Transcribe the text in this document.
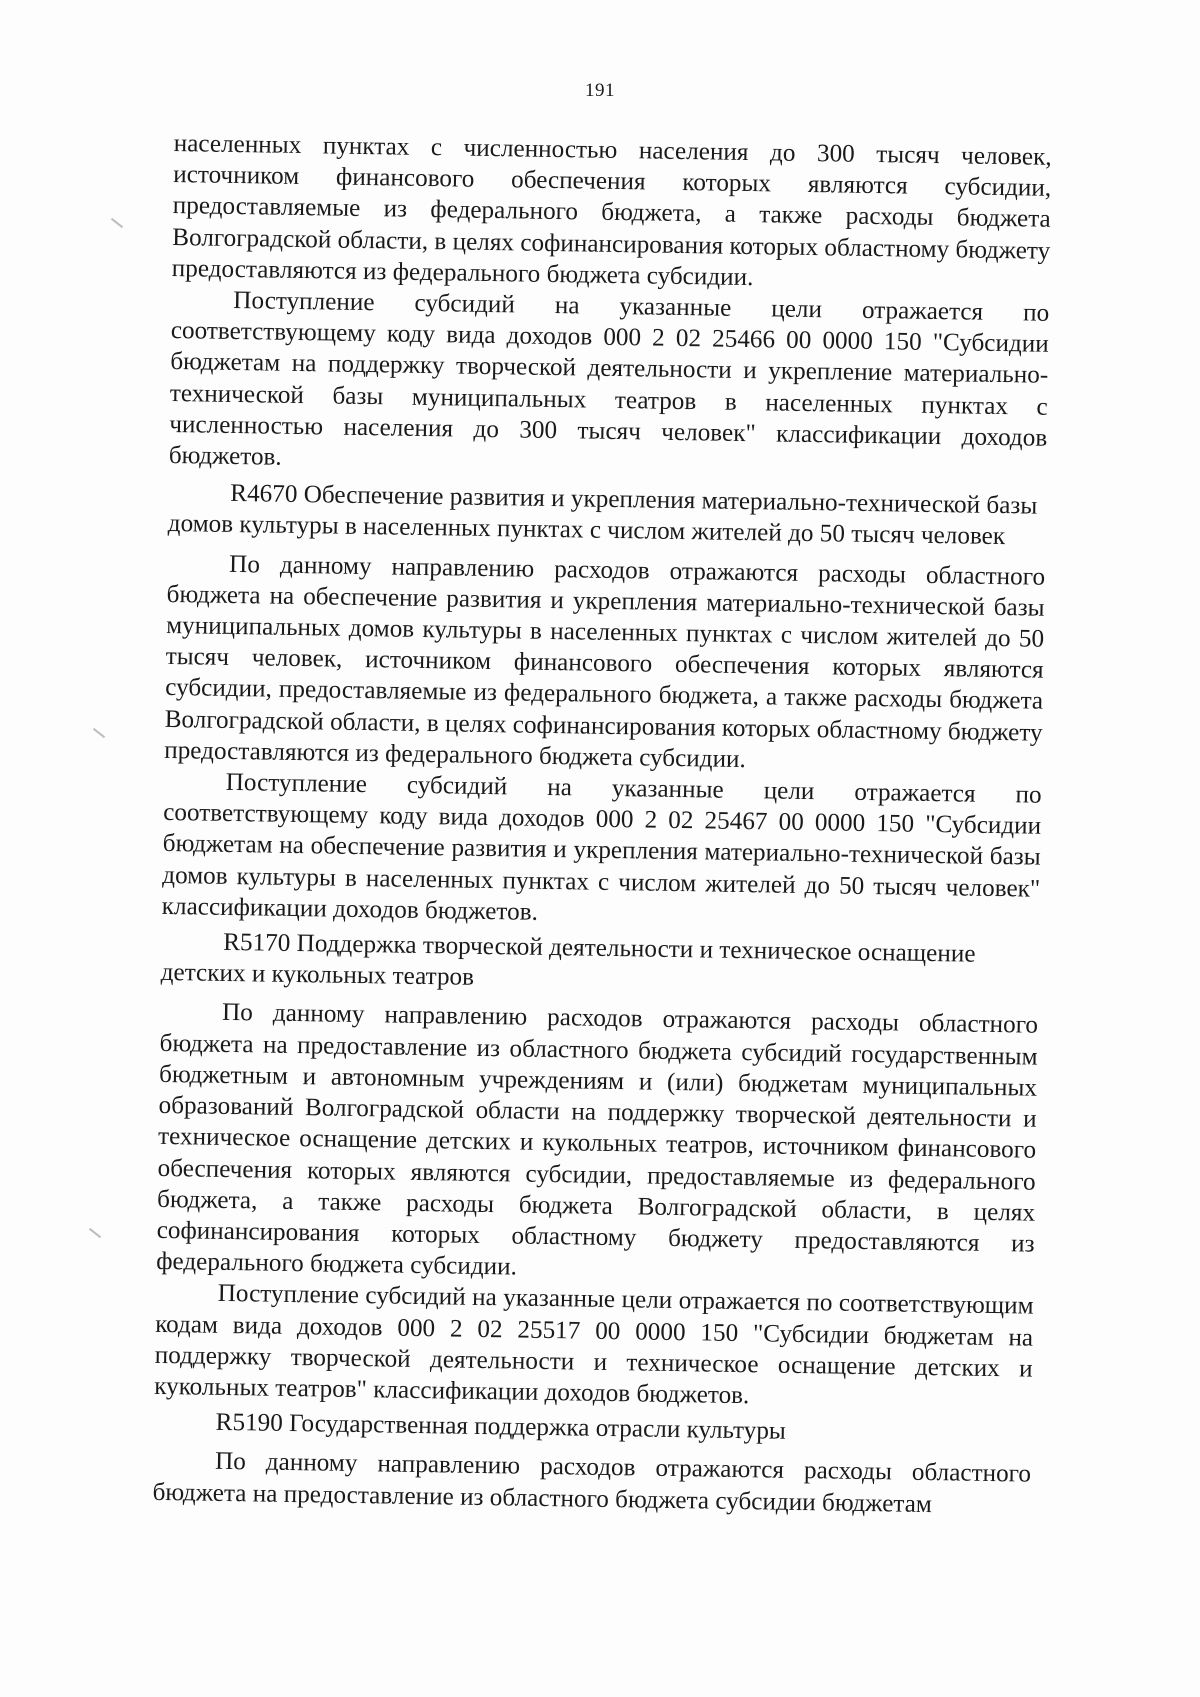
191

населенных пунктах с численностью населения до 300 тысяч человек, источником финансового обеспечения которых являются субсидии, предоставляемые из федерального бюджета, а также расходы бюджета Волгоградской области, в целях софинансирования которых областному бюджету предоставляются из федерального бюджета субсидии.

Поступление субсидий на указанные цели отражается по соответствующему коду вида доходов 000 2 02 25466 00 0000 150 "Субсидии бюджетам на поддержку творческой деятельности и укрепление материально-технической базы муниципальных театров в населенных пунктах с численностью населения до 300 тысяч человек" классификации доходов бюджетов.

R4670 Обеспечение развития и укрепления материально-технической базы домов культуры в населенных пунктах с числом жителей до 50 тысяч человек

По данному направлению расходов отражаются расходы областного бюджета на обеспечение развития и укрепления материально-технической базы муниципальных домов культуры в населенных пунктах с числом жителей до 50 тысяч человек, источником финансового обеспечения которых являются субсидии, предоставляемые из федерального бюджета, а также расходы бюджета Волгоградской области, в целях софинансирования которых областному бюджету предоставляются из федерального бюджета субсидии.

Поступление субсидий на указанные цели отражается по соответствующему коду вида доходов 000 2 02 25467 00 0000 150 "Субсидии бюджетам на обеспечение развития и укрепления материально-технической базы домов культуры в населенных пунктах с числом жителей до 50 тысяч человек" классификации доходов бюджетов.

R5170 Поддержка творческой деятельности и техническое оснащение детских и кукольных театров

По данному направлению расходов отражаются расходы областного бюджета на предоставление из областного бюджета субсидий государственным бюджетным и автономным учреждениям и (или) бюджетам муниципальных образований Волгоградской области на поддержку творческой деятельности и техническое оснащение детских и кукольных театров, источником финансового обеспечения которых являются субсидии, предоставляемые из федерального бюджета, а также расходы бюджета Волгоградской области, в целях софинансирования которых областному бюджету предоставляются из федерального бюджета субсидии.

Поступление субсидий на указанные цели отражается по соответствующим кодам вида доходов 000 2 02 25517 00 0000 150 "Субсидии бюджетам на поддержку творческой деятельности и техническое оснащение детских и кукольных театров" классификации доходов бюджетов.

R5190 Государственная поддержка отрасли культуры

По данному направлению расходов отражаются расходы областного бюджета на предоставление из областного бюджета субсидии бюджетам
